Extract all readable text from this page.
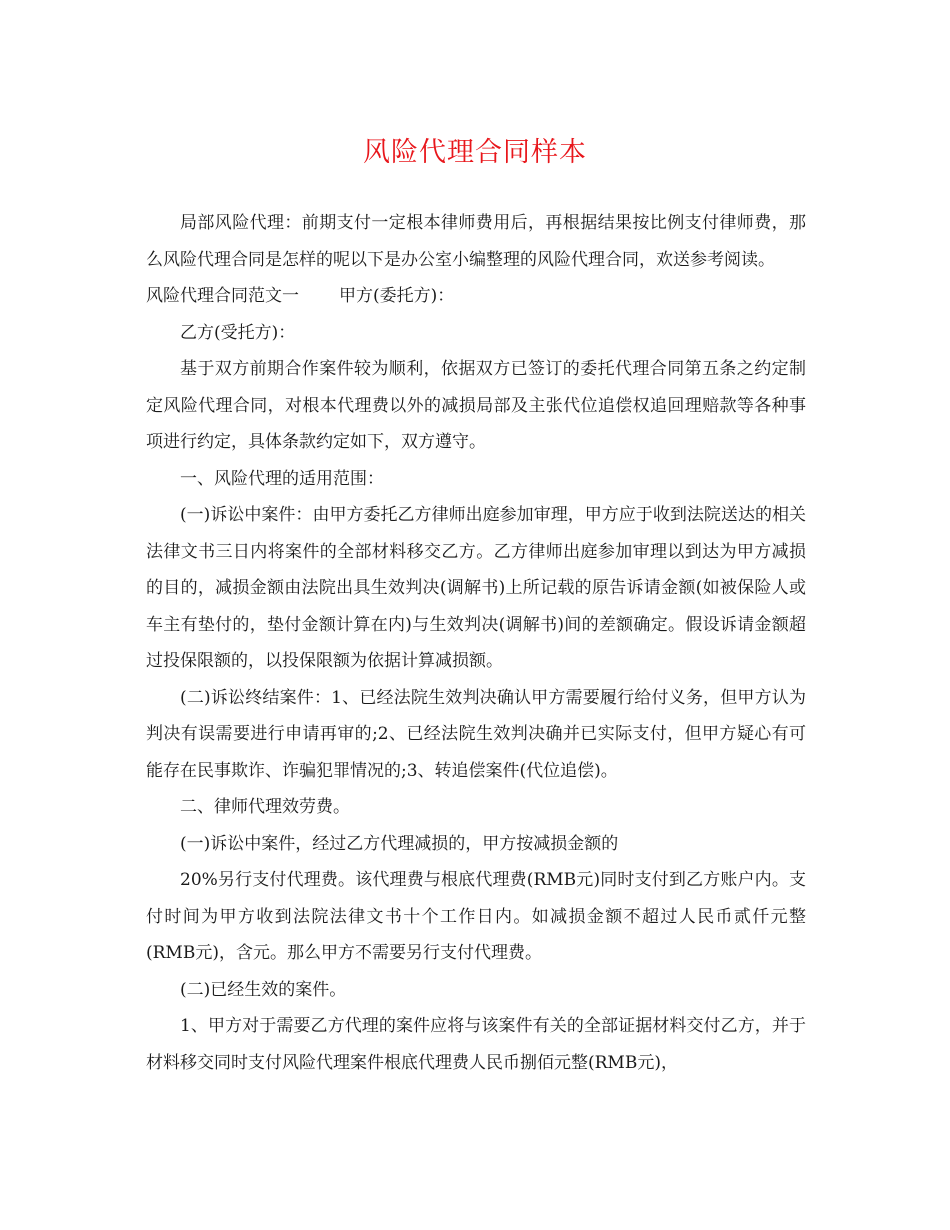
风险代理合同样本

局部风险代理：前期支付一定根本律师费用后，再根据结果按比例支付律师费，那么风险代理合同是怎样的呢以下是办公室小编整理的风险代理合同，欢送参考阅读。

风险代理合同范文一 甲方(委托方)：

乙方(受托方)：

基于双方前期合作案件较为顺利，依据双方已签订的委托代理合同第五条之约定制定风险代理合同，对根本代理费以外的减损局部及主张代位追偿权追回理赔款等各种事项进行约定，具体条款约定如下，双方遵守。

一、风险代理的适用范围：

(一)诉讼中案件：由甲方委托乙方律师出庭参加审理，甲方应于收到法院送达的相关法律文书三日内将案件的全部材料移交乙方。乙方律师出庭参加审理以到达为甲方减损的目的，减损金额由法院出具生效判决(调解书)上所记载的原告诉请金额(如被保险人或车主有垫付的，垫付金额计算在内)与生效判决(调解书)间的差额确定。假设诉请金额超过投保限额的，以投保限额为依据计算减损额。

(二)诉讼终结案件：1、已经法院生效判决确认甲方需要履行给付义务，但甲方认为判决有误需要进行申请再审的;2、已经法院生效判决确并已实际支付，但甲方疑心有可能存在民事欺诈、诈骗犯罪情况的;3、转追偿案件(代位追偿)。

二、律师代理效劳费。

(一)诉讼中案件，经过乙方代理减损的，甲方按减损金额的

20%另行支付代理费。该代理费与根底代理费(RMB元)同时支付到乙方账户内。支付时间为甲方收到法院法律文书十个工作日内。如减损金额不超过人民币贰仟元整(RMB元)，含元。那么甲方不需要另行支付代理费。

(二)已经生效的案件。

1、甲方对于需要乙方代理的案件应将与该案件有关的全部证据材料交付乙方，并于材料移交同时支付风险代理案件根底代理费人民币捌佰元整(RMB元)，
